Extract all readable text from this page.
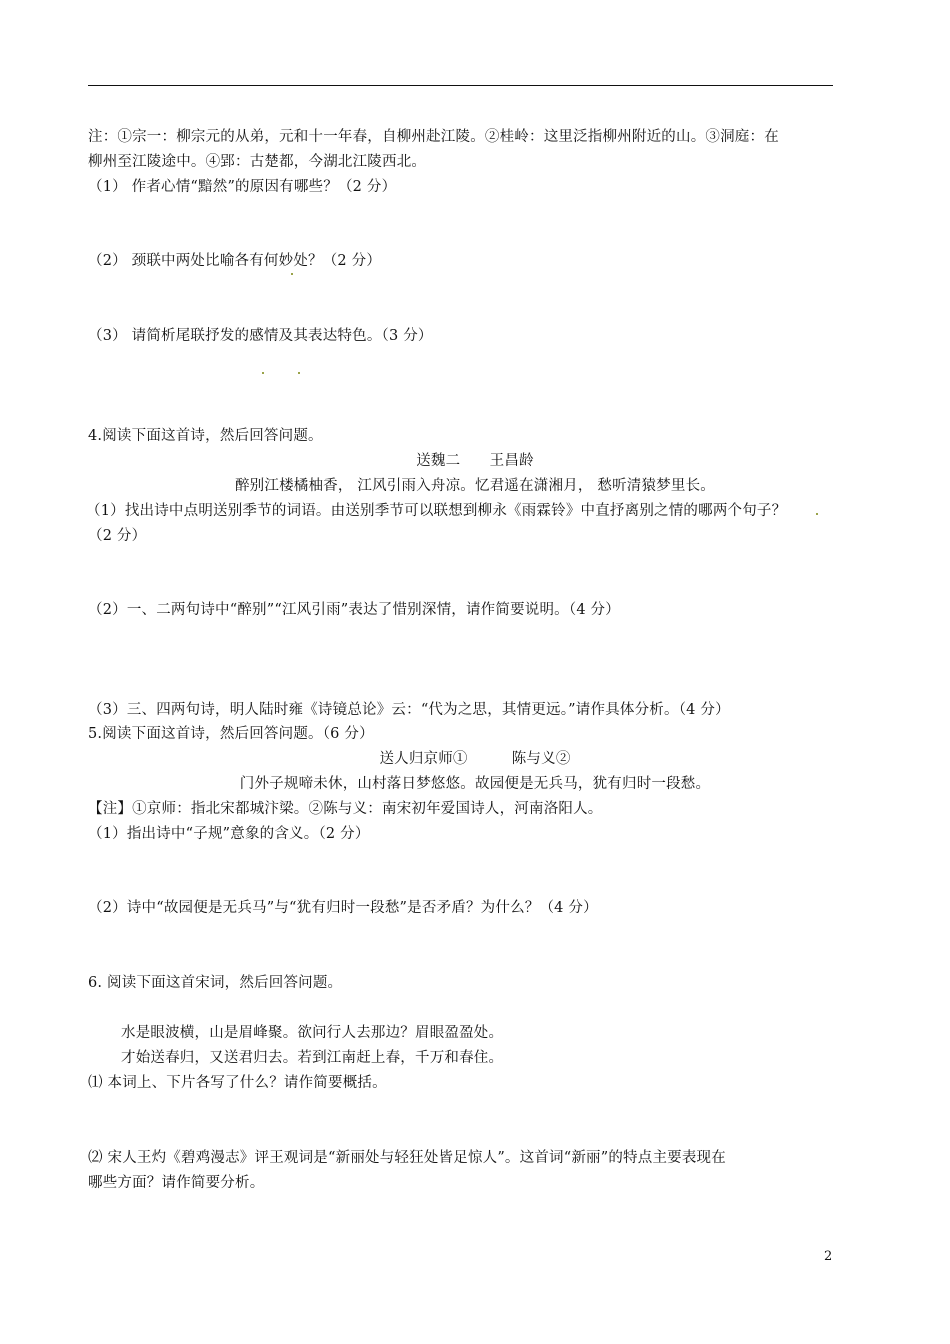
注：①宗一：柳宗元的从弟，元和十一年春，自柳州赴江陵。②桂岭：这里泛指柳州附近的山。③洞庭：在
柳州至江陵途中。④郢：古楚都，今湖北江陵西北。
（1） 作者心情“黯然”的原因有哪些？（2 分）
（2） 颈联中两处比喻各有何妙处？（2 分）
（3） 请简析尾联抒发的感情及其表达特色。（3 分）
4.阅读下面这首诗，然后回答问题。
送魏二　　王昌龄
醉别江楼橘柚香， 江风引雨入舟凉。忆君遥在潇湘月， 愁听清猿梦里长。
（1）找出诗中点明送别季节的词语。由送别季节可以联想到柳永《雨霖铃》中直抒离别之情的哪两个句子？
（2 分）
（2）一、二两句诗中“醉别”“江风引雨”表达了惜别深情，请作简要说明。（4 分）
（3）三、四两句诗，明人陆时雍《诗镜总论》云：“代为之思，其情更远。”请作具体分析。（4 分）
5.阅读下面这首诗，然后回答问题。（6 分）
送人归京师①　　　陈与义②
门外子规啼未休，山村落日梦悠悠。故园便是无兵马，犹有归时一段愁。
【注】①京师：指北宋都城汴梁。②陈与义：南宋初年爱国诗人，河南洛阳人。
（1）指出诗中“子规”意象的含义。（2 分）
（2）诗中“故园便是无兵马”与“犹有归时一段愁”是否矛盾？为什么？（4 分）
6. 阅读下面这首宋词，然后回答问题。
水是眼波横，山是眉峰聚。欲问行人去那边？眉眼盈盈处。
才始送春归，又送君归去。若到江南赶上春，千万和春住。
⑴ 本词上、下片各写了什么？请作简要概括。
⑵ 宋人王灼《碧鸡漫志》评王观词是“新丽处与轻狂处皆足惊人”。这首词“新丽”的特点主要表现在
哪些方面？请作简要分析。
2
